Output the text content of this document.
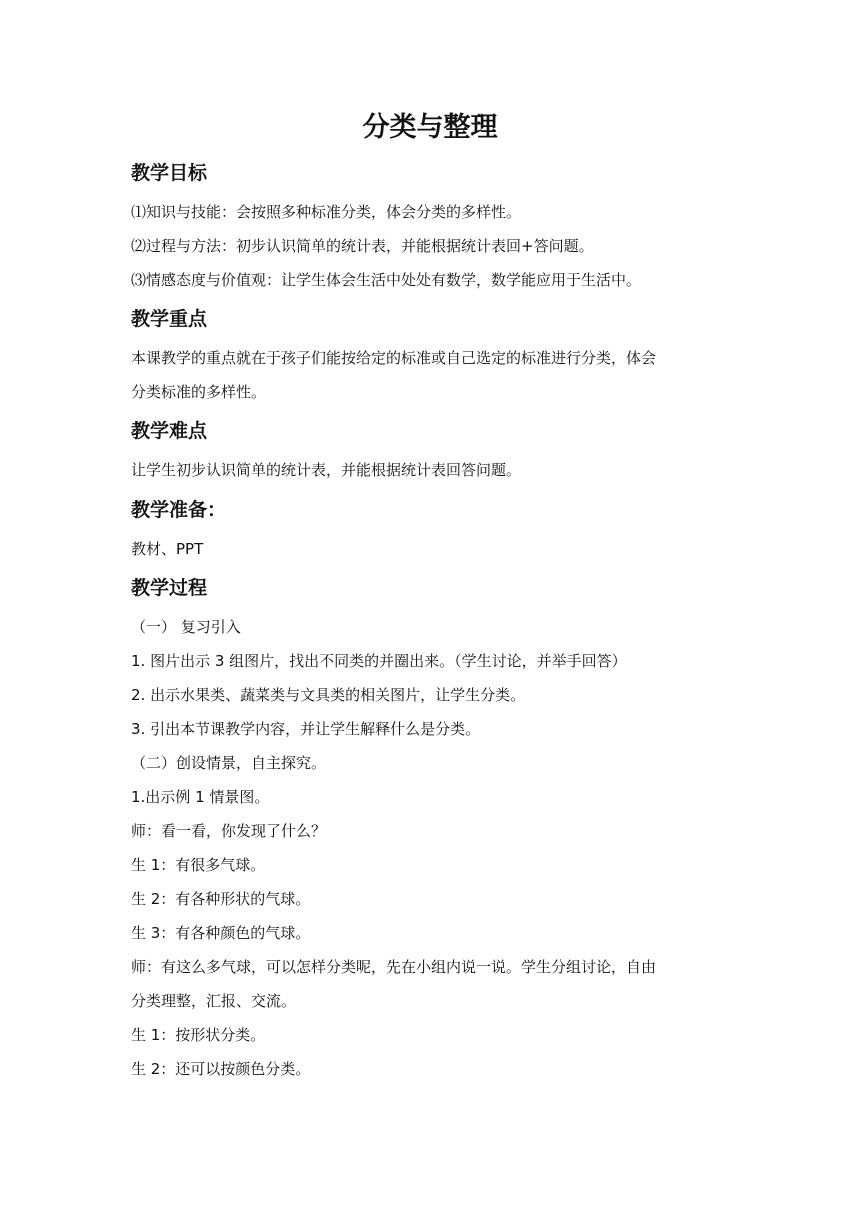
分类与整理
教学目标
⑴知识与技能：会按照多种标准分类，体会分类的多样性。
⑵过程与方法：初步认识简单的统计表，并能根据统计表回+答问题。
⑶情感态度与价值观：让学生体会生活中处处有数学，数学能应用于生活中。
教学重点
本课教学的重点就在于孩子们能按给定的标准或自己选定的标准进行分类，体会
分类标准的多样性。
教学难点
让学生初步认识简单的统计表，并能根据统计表回答问题。
教学准备：
教材、PPT
教学过程
（一） 复习引入
1. 图片出示 3 组图片，找出不同类的并圈出来。（学生讨论，并举手回答）
2. 出示水果类、蔬菜类与文具类的相关图片，让学生分类。
3. 引出本节课教学内容，并让学生解释什么是分类。
（二）创设情景，自主探究。
1.出示例 1 情景图。
师：看一看，你发现了什么？
生 1：有很多气球。
生 2：有各种形状的气球。
生 3：有各种颜色的气球。
师：有这么多气球，可以怎样分类呢，先在小组内说一说。学生分组讨论，自由
分类理整，汇报、交流。
生 1：按形状分类。
生 2：还可以按颜色分类。
